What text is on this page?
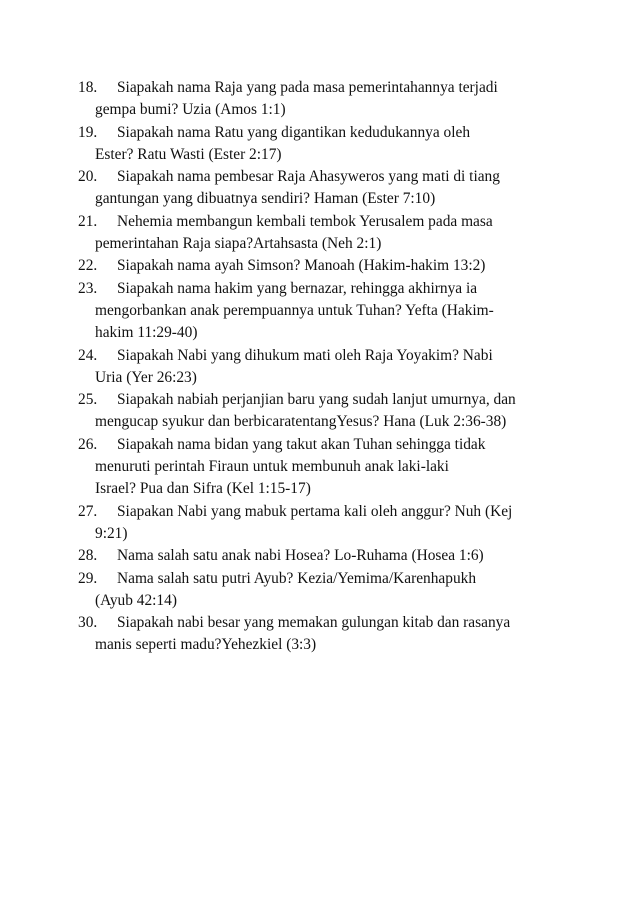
18. Siapakah nama Raja yang pada masa pemerintahannya terjadi
gempa bumi? Uzia (Amos 1:1)
19. Siapakah nama Ratu yang digantikan kedudukannya oleh
Ester? Ratu Wasti (Ester 2:17)
20. Siapakah nama pembesar Raja Ahasyweros yang mati di tiang
gantungan yang dibuatnya sendiri? Haman (Ester 7:10)
21. Nehemia membangun kembali tembok Yerusalem pada masa
pemerintahan Raja siapa?Artahsasta (Neh 2:1)
22. Siapakah nama ayah Simson? Manoah (Hakim-hakim 13:2)
23. Siapakah nama hakim yang bernazar, rehingga akhirnya ia
mengorbankan anak perempuannya untuk Tuhan? Yefta (Hakim-
hakim 11:29-40)
24. Siapakah Nabi yang dihukum mati oleh Raja Yoyakim? Nabi
Uria (Yer 26:23)
25. Siapakah nabiah perjanjian baru yang sudah lanjut umurnya, dan
mengucap syukur dan berbicaratentangYesus? Hana (Luk 2:36-38)
26. Siapakah nama bidan yang takut akan Tuhan sehingga tidak
menuruti perintah Firaun untuk membunuh anak laki-laki
Israel? Pua dan Sifra (Kel 1:15-17)
27. Siapakan Nabi yang mabuk pertama kali oleh anggur? Nuh (Kej
9:21)
28. Nama salah satu anak nabi Hosea? Lo-Ruhama (Hosea 1:6)
29. Nama salah satu putri Ayub? Kezia/Yemima/Karenhapukh
(Ayub 42:14)
30. Siapakah nabi besar yang memakan gulungan kitab dan rasanya
manis seperti madu?Yehezkiel (3:3)
